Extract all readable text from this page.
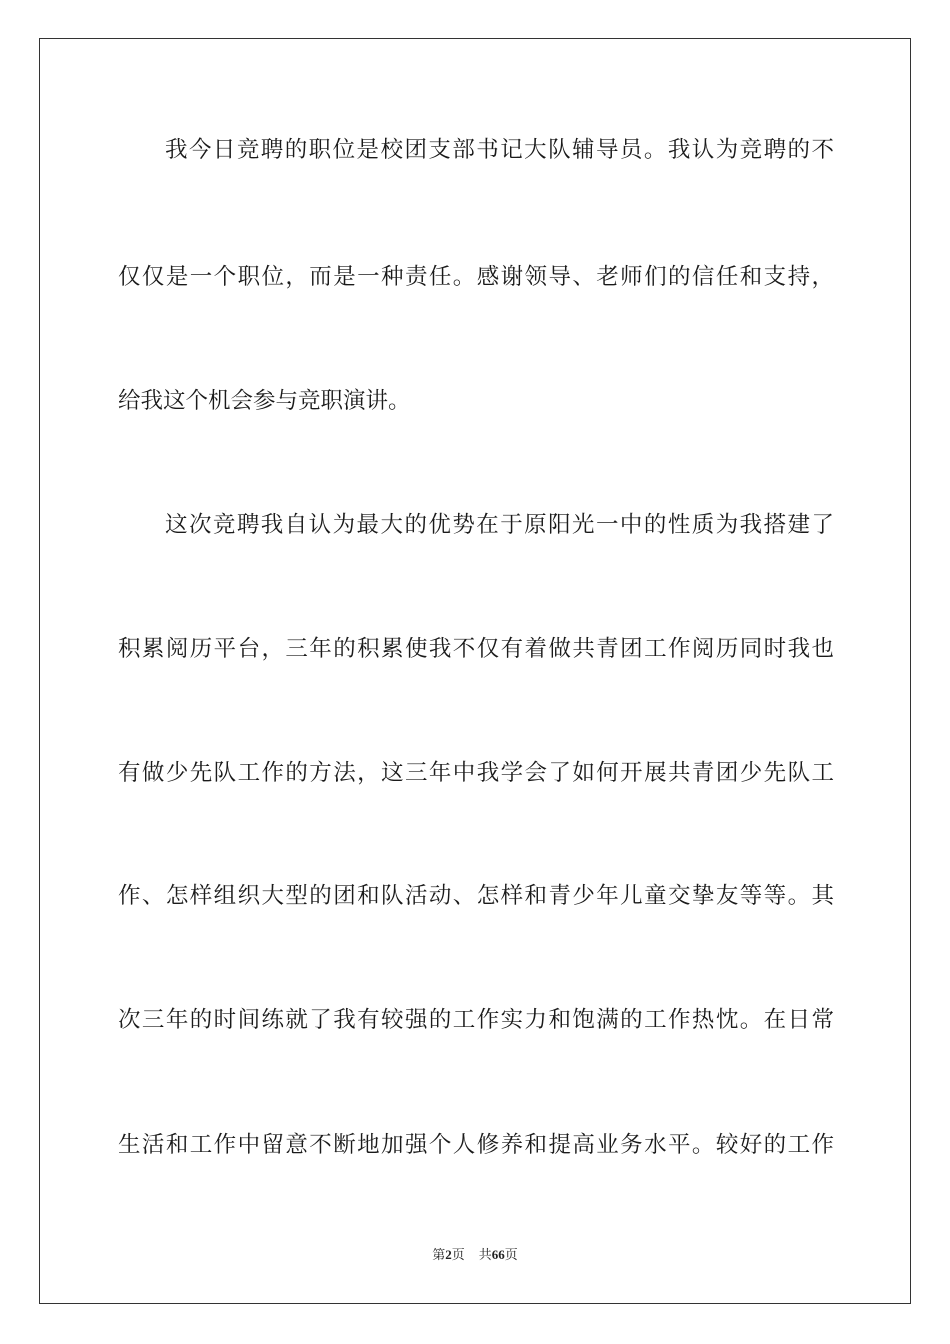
我今日竞聘的职位是校团支部书记大队辅导员。我认为竞聘的不
仅仅是一个职位，而是一种责任。感谢领导、老师们的信任和支持，
给我这个机会参与竞职演讲。
这次竞聘我自认为最大的优势在于原阳光一中的性质为我搭建了
积累阅历平台，三年的积累使我不仅有着做共青团工作阅历同时我也
有做少先队工作的方法，这三年中我学会了如何开展共青团少先队工
作、怎样组织大型的团和队活动、怎样和青少年儿童交挚友等等。其
次三年的时间练就了我有较强的工作实力和饱满的工作热忱。在日常
生活和工作中留意不断地加强个人修养和提高业务水平。较好的工作
第2页 共66页
